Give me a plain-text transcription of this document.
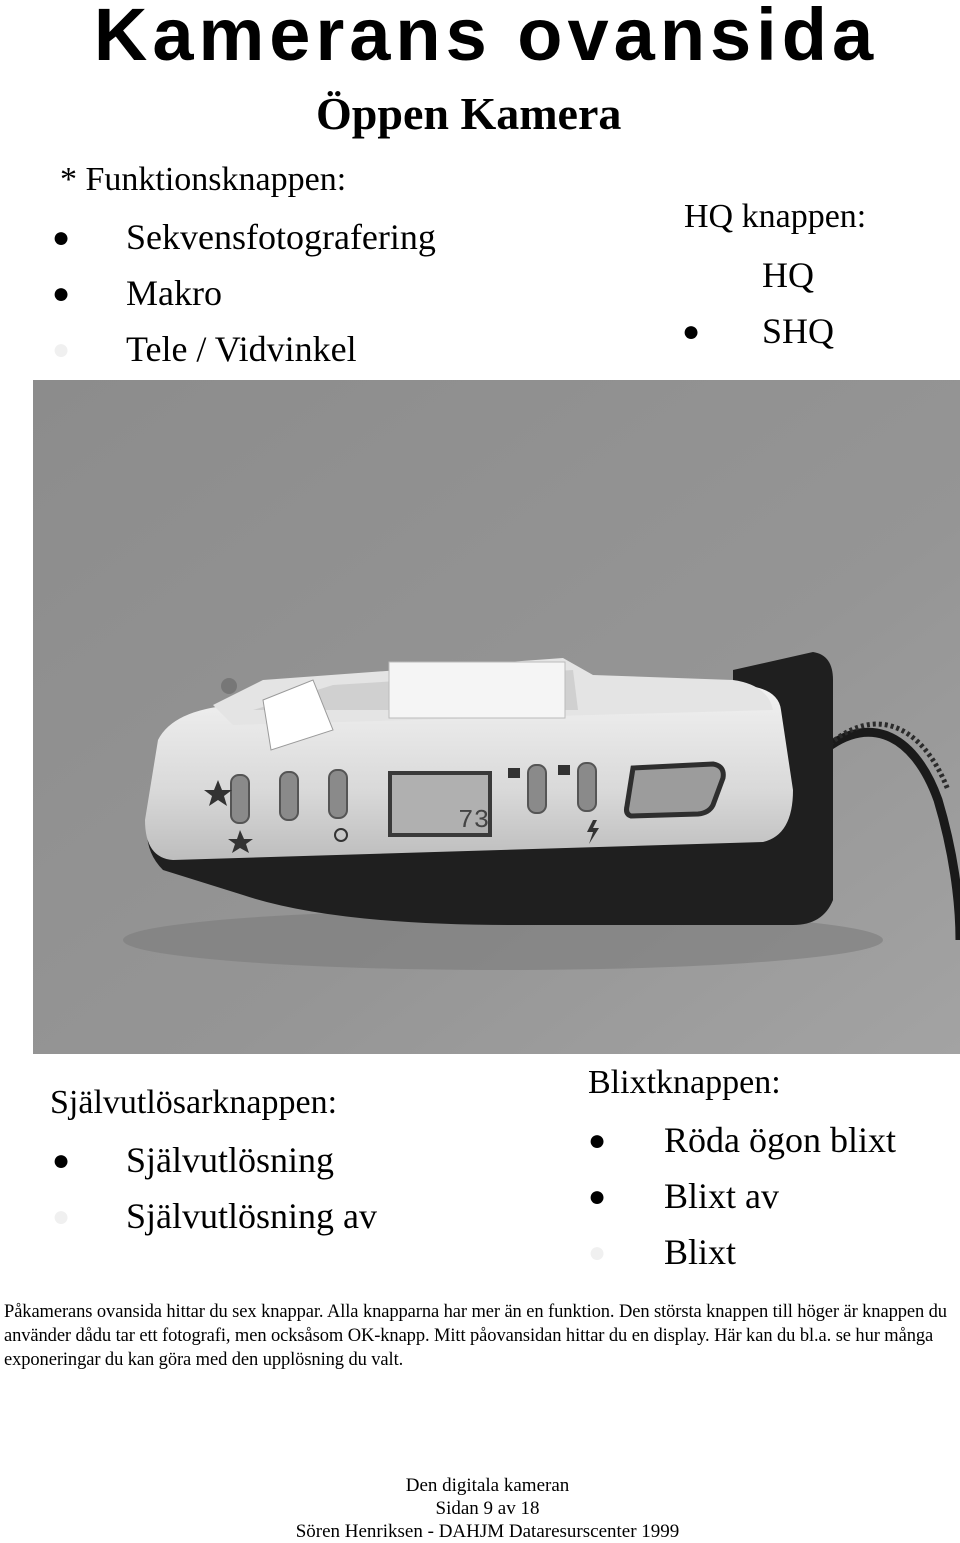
Kamerans ovansida
Öppen Kamera
* Funktionsknappen:
● Sekvensfotografering
● Makro
● Tele / Vidvinkel
HQ knappen:
HQ
● SHQ
73
Självutlösarknappen:
● Självutlösning
● Självutlösning av
Blixtknappen:
● Röda ögon blixt
● Blixt av
● Blixt
Påkamerans ovansida hittar du sex knappar. Alla knapparna har mer än en funktion. Den största knappen till höger är knappen du använder dådu tar ett fotografi, men ocksåsom OK-knapp. Mitt påovansidan hittar du en display. Här kan du bl.a. se hur många exponeringar du kan göra med den upplösning du valt.
Den digitala kameran
Sidan 9 av 18
Sören Henriksen - DAHJM Dataresurscenter 1999
